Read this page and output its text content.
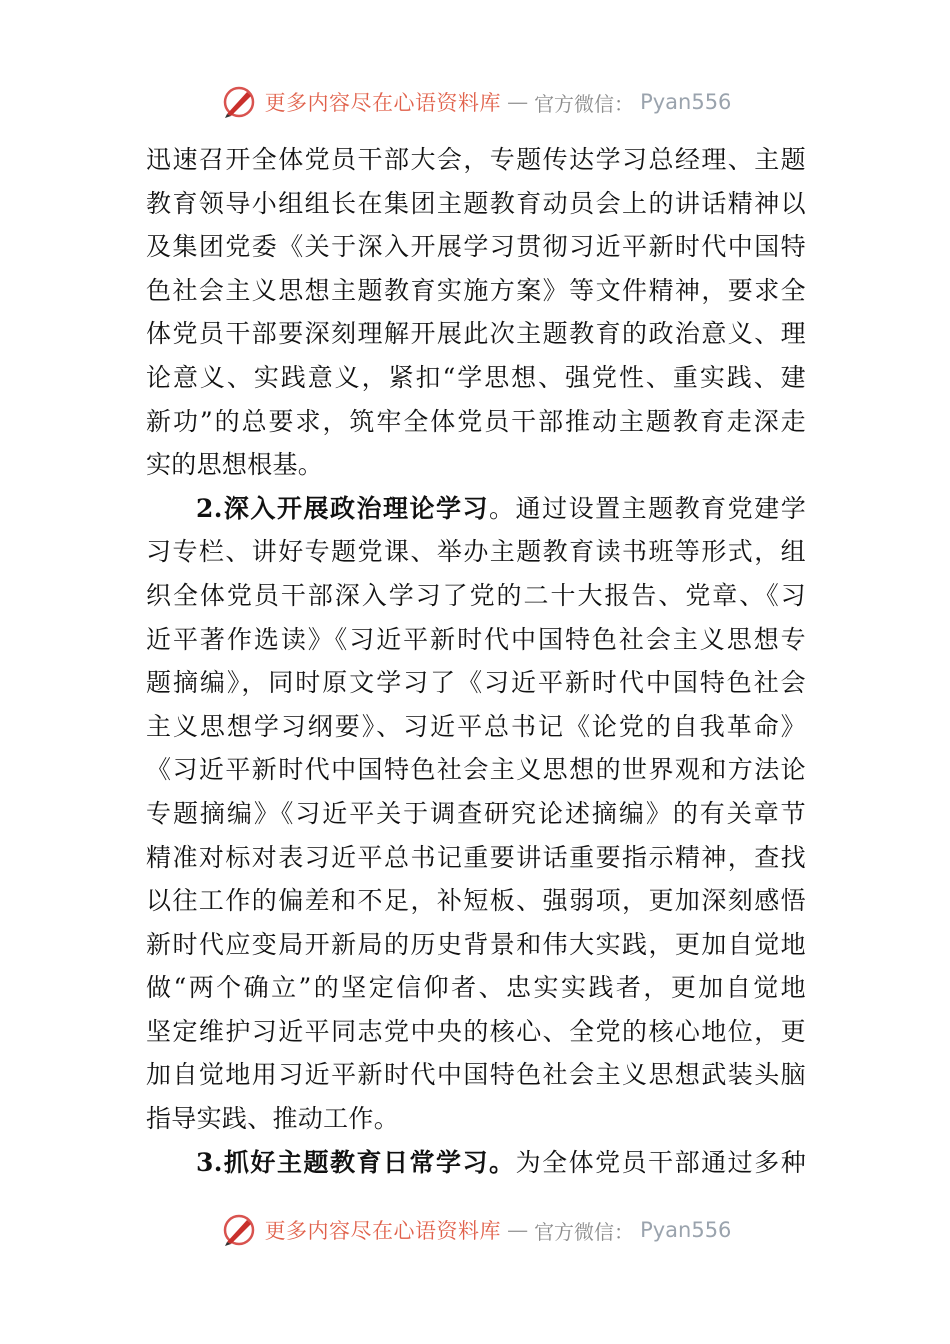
更多内容尽在心语资料库 — 官方微信： Pyan556
迅速召开全体党员干部大会，专题传达学习总经理、主题
教育领导小组组长在集团主题教育动员会上的讲话精神以
及集团党委《关于深入开展学习贯彻习近平新时代中国特
色社会主义思想主题教育实施方案》等文件精神，要求全
体党员干部要深刻理解开展此次主题教育的政治意义、理
论意义、实践意义，紧扣“学思想、强党性、重实践、建
新功”的总要求，筑牢全体党员干部推动主题教育走深走
实的思想根基。
2.深入开展政治理论学习。通过设置主题教育党建学
习专栏、讲好专题党课、举办主题教育读书班等形式，组
织全体党员干部深入学习了党的二十大报告、党章、《习
近平著作选读》《习近平新时代中国特色社会主义思想专
题摘编》，同时原文学习了《习近平新时代中国特色社会
主义思想学习纲要》、习近平总书记《论党的自我革命》
《习近平新时代中国特色社会主义思想的世界观和方法论
专题摘编》《习近平关于调查研究论述摘编》的有关章节
精准对标对表习近平总书记重要讲话重要指示精神，查找
以往工作的偏差和不足，补短板、强弱项，更加深刻感悟
新时代应变局开新局的历史背景和伟大实践，更加自觉地
做“两个确立”的坚定信仰者、忠实实践者，更加自觉地
坚定维护习近平同志党中央的核心、全党的核心地位，更
加自觉地用习近平新时代中国特色社会主义思想武装头脑
指导实践、推动工作。
3.抓好主题教育日常学习。为全体党员干部通过多种
更多内容尽在心语资料库 — 官方微信： Pyan556
